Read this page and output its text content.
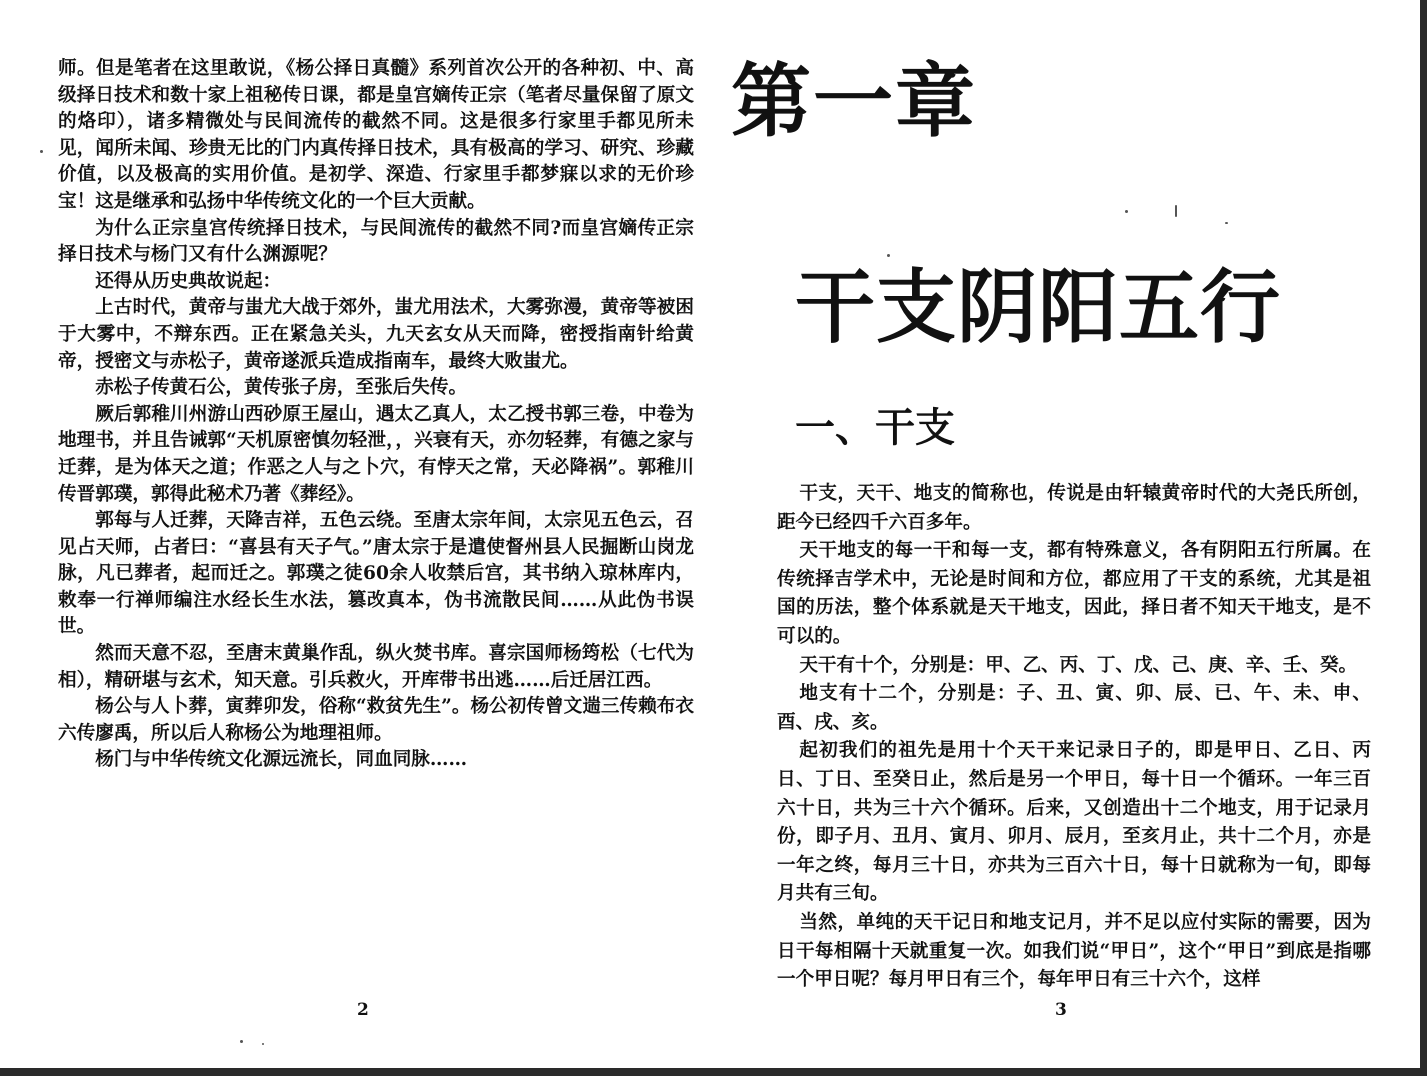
师。但是笔者在这里敢说，《杨公择日真髓》系列首次公开的各种初、中、高级择日技术和数十家上祖秘传日课，都是皇宫嫡传正宗（笔者尽量保留了原文的烙印），诸多精微处与民间流传的截然不同。这是很多行家里手都见所未见，闻所未闻、珍贵无比的门内真传择日技术，具有极高的学习、研究、珍藏价值，以及极高的实用价值。是初学、深造、行家里手都梦寐以求的无价珍宝！这是继承和弘扬中华传统文化的一个巨大贡献。

为什么正宗皇宫传统择日技术，与民间流传的截然不同?而皇宫嫡传正宗择日技术与杨门又有什么渊源呢？

还得从历史典故说起：

上古时代，黄帝与蚩尤大战于郊外，蚩尤用法术，大雾弥漫，黄帝等被困于大雾中，不辩东西。正在紧急关头，九天玄女从天而降，密授指南针给黄帝，授密文与赤松子，黄帝遂派兵造成指南车，最终大败蚩尤。

赤松子传黄石公，黄传张子房，至张后失传。

厥后郭稚川州游山西砂原王屋山，遇太乙真人，太乙授书郭三卷，中卷为地理书，并且告诫郭“天机原密慎勿轻泄，，兴衰有天，亦勿轻葬，有德之家与迁葬，是为体天之道；作恶之人与之卜穴，有悖天之常，天必降祸”。郭稚川传晋郭璞，郭得此秘术乃著《葬经》。

郭每与人迁葬，天降吉祥，五色云绕。至唐太宗年间，太宗见五色云，召见占天师，占者曰：“喜县有天子气。”唐太宗于是遣使督州县人民掘断山岗龙脉，凡已葬者，起而迁之。郭璞之徒60余人收禁后宫，其书纳入琼林库内，敕奉一行禅师编注水经长生水法，篡改真本，伪书流散民间……从此伪书误世。

然而天意不忍，至唐末黄巢作乱，纵火焚书库。喜宗国师杨筠松（七代为相），精研堪与玄术，知天意。引兵救火，开库带书出逃……后迁居江西。

杨公与人卜葬，寅葬卯发，俗称“救贫先生”。杨公初传曾文遄三传赖布衣六传廖禹，所以后人称杨公为地理祖师。

杨门与中华传统文化源远流长，同血同脉……

2
第一章
干支阴阳五行
一、干支

干支，天干、地支的简称也，传说是由轩辕黄帝时代的大尧氏所创，距今已经四千六百多年。

天干地支的每一干和每一支，都有特殊意义，各有阴阳五行所属。在传统择吉学术中，无论是时间和方位，都应用了干支的系统，尤其是祖国的历法，整个体系就是天干地支，因此，择日者不知天干地支，是不可以的。

天干有十个，分别是：甲、乙、丙、丁、戊、己、庚、辛、壬、癸。

地支有十二个，分别是：子、丑、寅、卯、辰、已、午、未、申、酉、戌、亥。

起初我们的祖先是用十个天干来记录日子的，即是甲日、乙日、丙日、丁日、至癸日止，然后是另一个甲日，每十日一个循环。一年三百六十日，共为三十六个循环。后来，又创造出十二个地支，用于记录月份，即子月、丑月、寅月、卯月、辰月，至亥月止，共十二个月，亦是一年之终，每月三十日，亦共为三百六十日，每十日就称为一旬，即每月共有三旬。

当然，单纯的天干记日和地支记月，并不足以应付实际的需要，因为日干每相隔十天就重复一次。如我们说“甲日”，这个“甲日”到底是指哪一个甲日呢？每月甲日有三个，每年甲日有三十六个，这样

3
